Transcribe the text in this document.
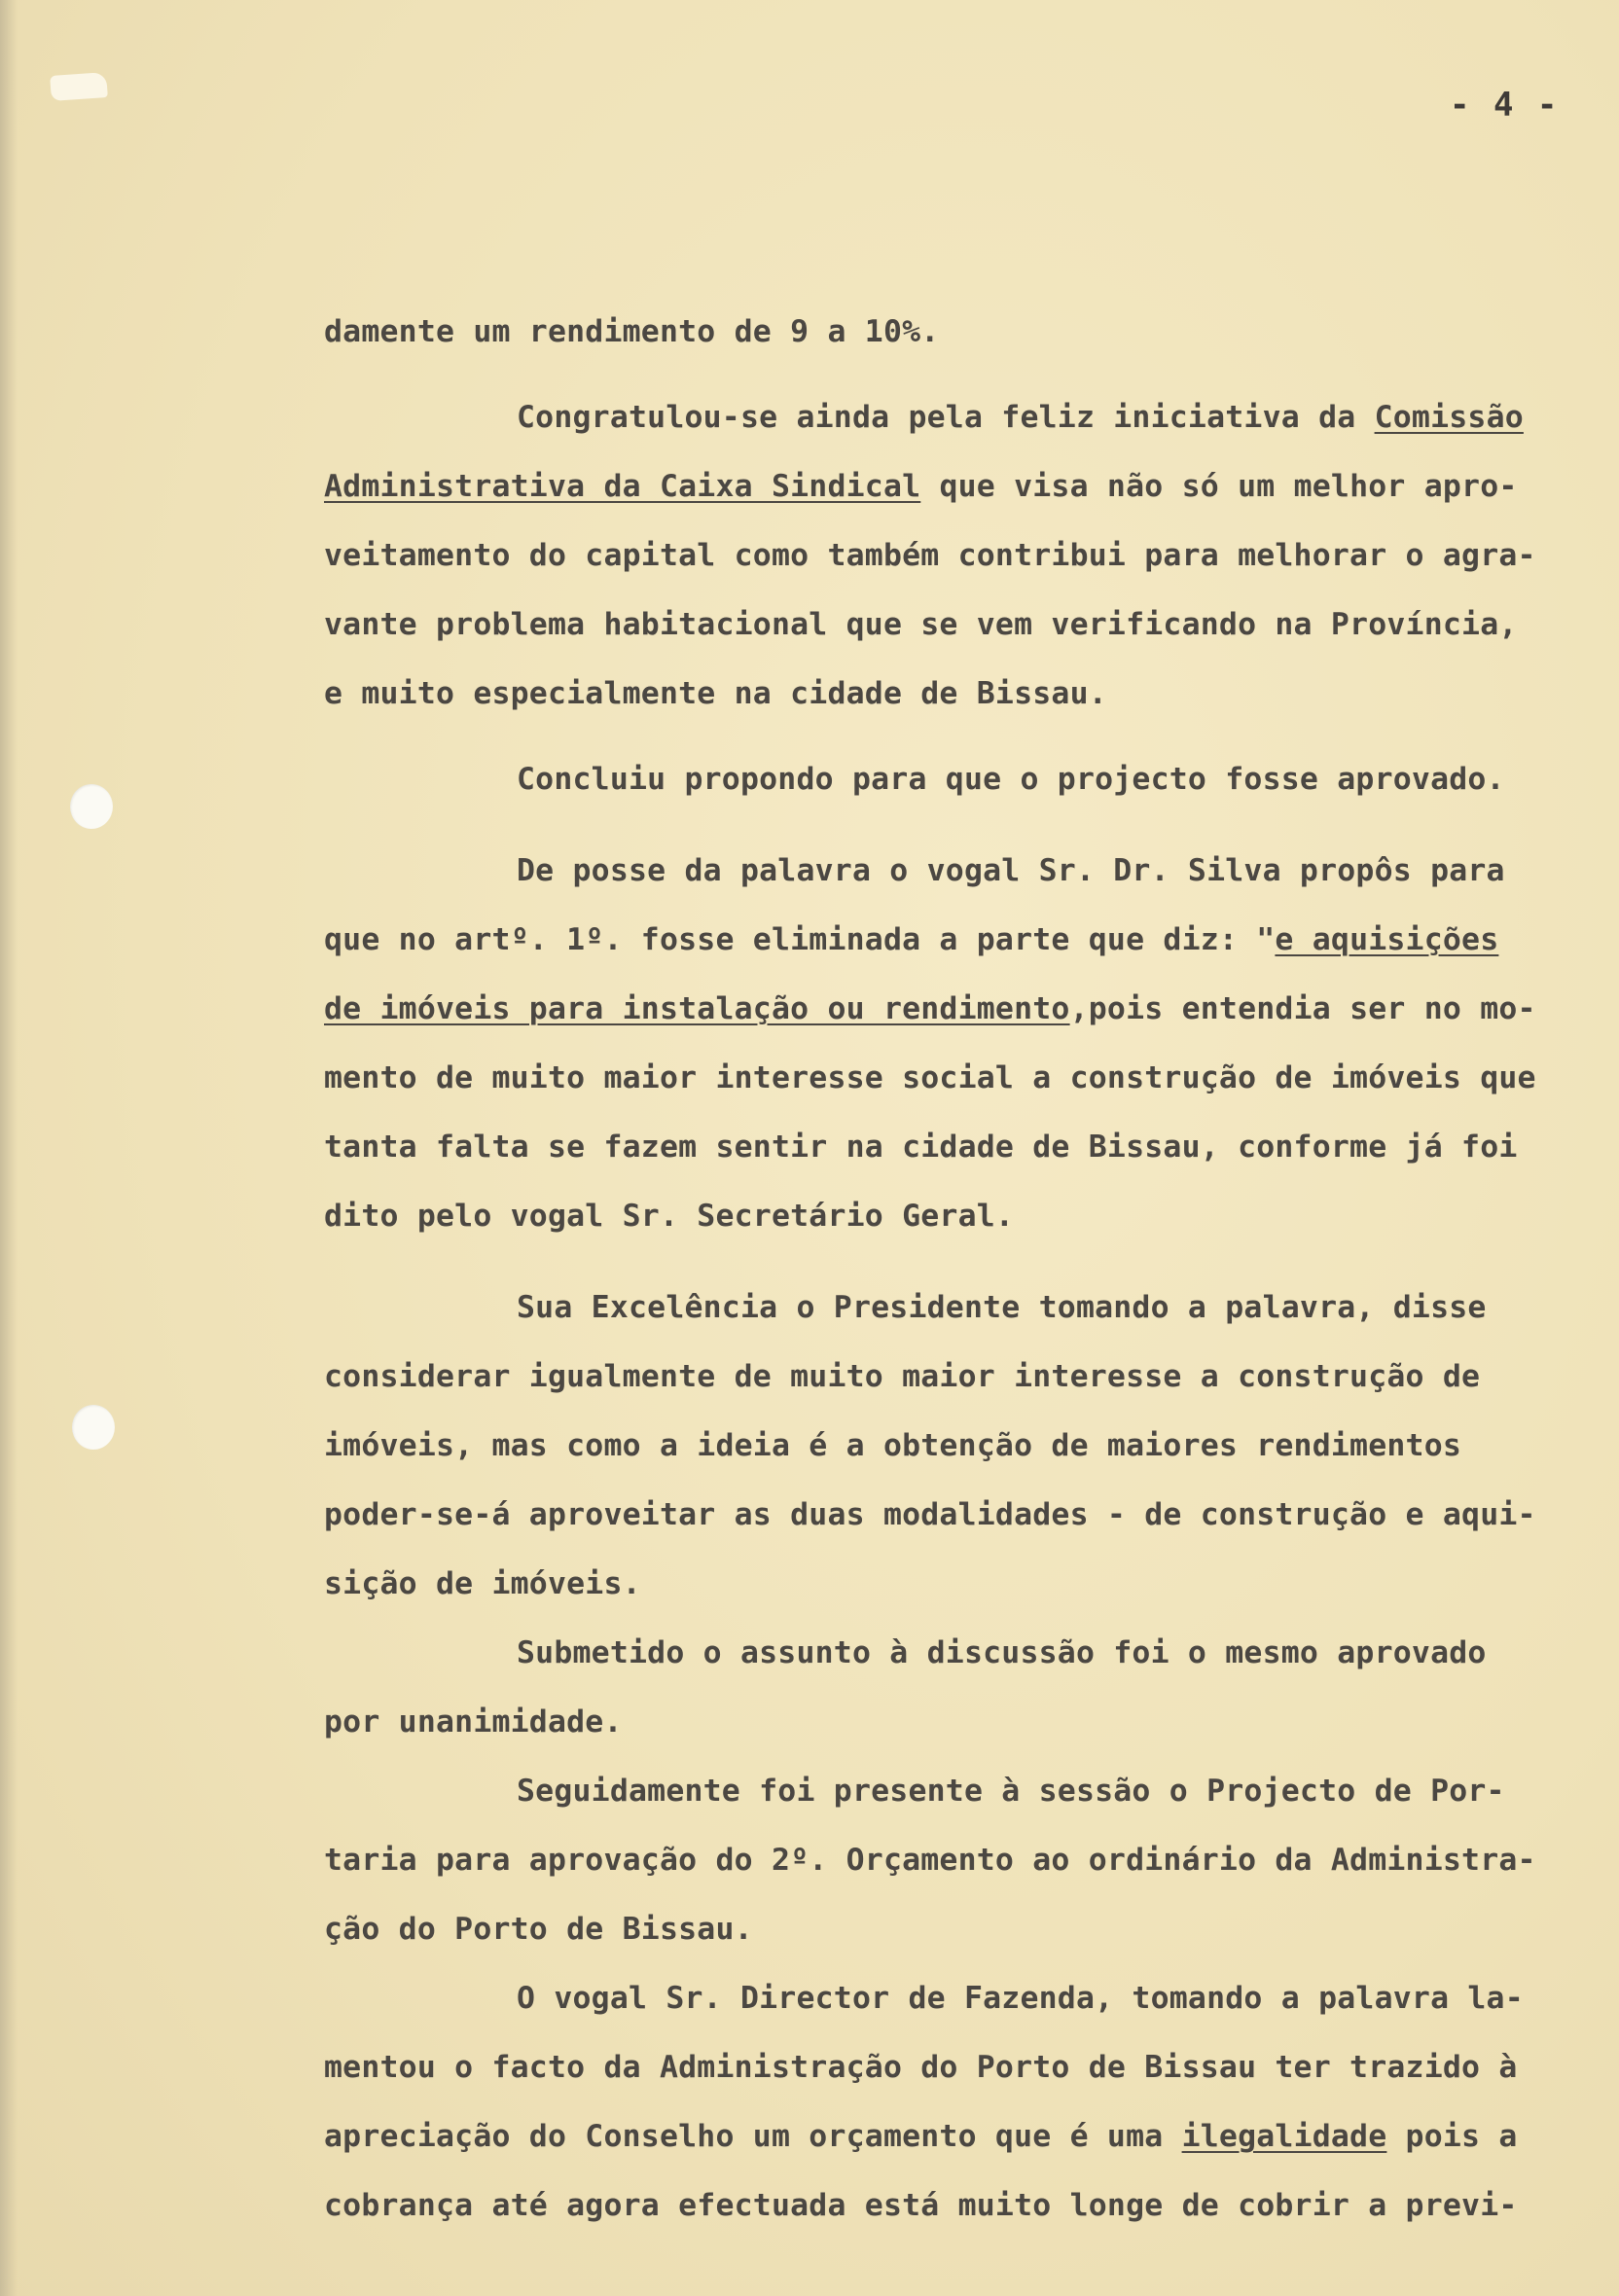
- 4 -
damente um rendimento de 9 a 10%.
Congratulou-se ainda pela feliz iniciativa da Comissão
Administrativa da Caixa Sindical que visa não só um melhor apro-
veitamento do capital como também contribui para melhorar o agra-
vante problema habitacional que se vem verificando na Província,
e muito especialmente na cidade de Bissau.
Concluiu propondo para que o projecto fosse aprovado.
De posse da palavra o vogal Sr. Dr. Silva propôs para
que no artº. 1º. fosse eliminada a parte que diz: "e aquisições
de imóveis para instalação ou rendimento,pois entendia ser no mo-
mento de muito maior interesse social a construção de imóveis que
tanta falta se fazem sentir na cidade de Bissau, conforme já foi
dito pelo vogal Sr. Secretário Geral.
Sua Excelência o Presidente tomando a palavra, disse
considerar igualmente de muito maior interesse a construção de
imóveis, mas como a ideia é a obtenção de maiores rendimentos
poder-se-á aproveitar as duas modalidades - de construção e aqui-
sição de imóveis.
Submetido o assunto à discussão foi o mesmo aprovado
por unanimidade.
Seguidamente foi presente à sessão o Projecto de Por-
taria para aprovação do 2º. Orçamento ao ordinário da Administra-
ção do Porto de Bissau.
O vogal Sr. Director de Fazenda, tomando a palavra la-
mentou o facto da Administração do Porto de Bissau ter trazido à
apreciação do Conselho um orçamento que é uma ilegalidade pois a
cobrança até agora efectuada está muito longe de cobrir a previ-
